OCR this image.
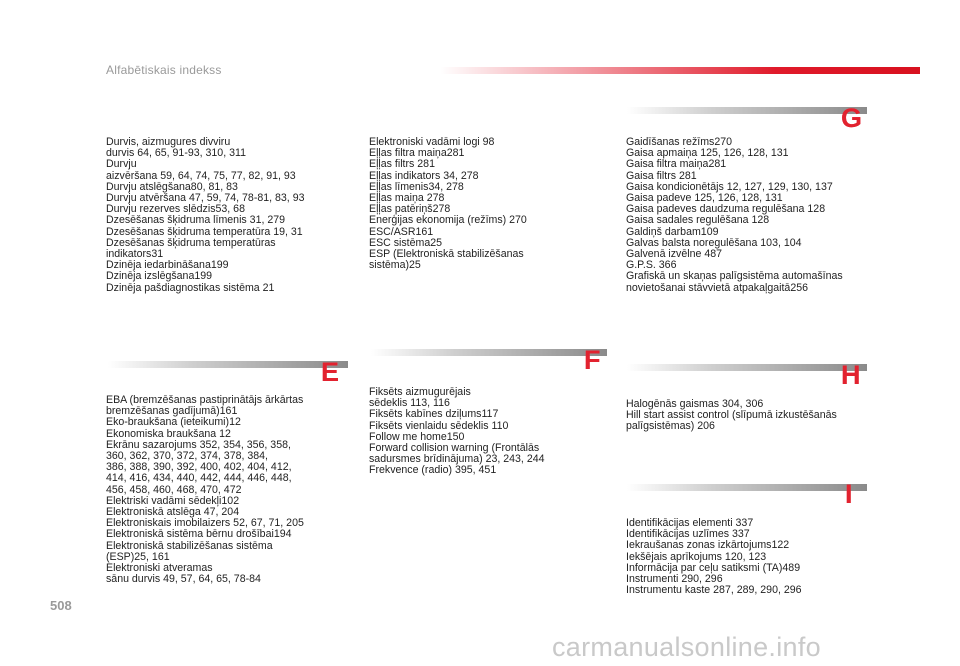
Alfabētiskais indekss
Durvis, aizmugures divviru
durvis 64, 65, 91-93, 310, 311
Durvju
aizvēršana 59, 64, 74, 75, 77, 82, 91, 93
Durvju atslēgšana80, 81, 83
Durvju atvēršana 47, 59, 74, 78-81, 83, 93
Durvju rezerves slēdzis53, 68
Dzesēšanas šķidruma līmenis 31, 279
Dzesēšanas šķidruma temperatūra 19, 31
Dzesēšanas šķidruma temperatūras
indikators31
Dzinēja iedarbināšana199
Dzinēja izslēgšana199
Dzinēja pašdiagnostikas sistēma 21
E
EBA (bremzēšanas pastiprinātājs ārkārtas
bremzēšanas gadījumā)161
Eko-braukšana (ieteikumi)12
Ekonomiska braukšana 12
Ekrānu sazarojums 352, 354, 356, 358,
360, 362, 370, 372, 374, 378, 384,
386, 388, 390, 392, 400, 402, 404, 412,
414, 416, 434, 440, 442, 444, 446, 448,
456, 458, 460, 468, 470, 472
Elektriski vadāmi sēdekļi102
Elektroniskā atslēga 47, 204
Elektroniskais imobilaizers 52, 67, 71, 205
Elektroniskā sistēma bērnu drošībai194
Elektroniskā stabilizēšanas sistēma
(ESP)25, 161
Elektroniski atveramas
sānu durvis 49, 57, 64, 65, 78-84
Elektroniski vadāmi logi 98
Eļļas filtra maiņa281
Eļļas filtrs 281
Eļļas indikators 34, 278
Eļļas līmenis34, 278
Eļļas maiņa 278
Eļļas patēriņš278
Enerģijas ekonomija (režīms) 270
ESC/ASR161
ESC sistēma25
ESP (Elektroniskā stabilizēšanas
sistēma)25
F
Fiksēts aizmugurējais
sēdeklis 113, 116
Fiksēts kabīnes dziļums117
Fiksēts vienlaidu sēdeklis 110
Follow me home150
Forward collision warning (Frontālās
sadursmes brīdinājuma) 23, 243, 244
Frekvence (radio) 395, 451
G
Gaidīšanas režīms270
Gaisa apmaiņa 125, 126, 128, 131
Gaisa filtra maiņa281
Gaisa filtrs 281
Gaisa kondicionētājs 12, 127, 129, 130, 137
Gaisa padeve 125, 126, 128, 131
Gaisa padeves daudzuma regulēšana 128
Gaisa sadales regulēšana 128
Galdiņš darbam109
Galvas balsta noregulēšana 103, 104
Galvenā izvēlne 487
G.P.S. 366
Grafiskā un skaņas palīgsistēma automašīnas
novietošanai stāvvietā atpakaļgaitā256
H
Halogēnās gaismas 304, 306
Hill start assist control (slīpumā izkustēšanās
palīgsistēmas) 206
I
Identifikācijas elementi 337
Identifikācijas uzlīmes 337
Iekraušanas zonas izkārtojums122
Iekšējais aprīkojums 120, 123
Informācija par ceļu satiksmi (TA)489
Instrumenti 290, 296
Instrumentu kaste 287, 289, 290, 296
508
carmanualsonline.info
